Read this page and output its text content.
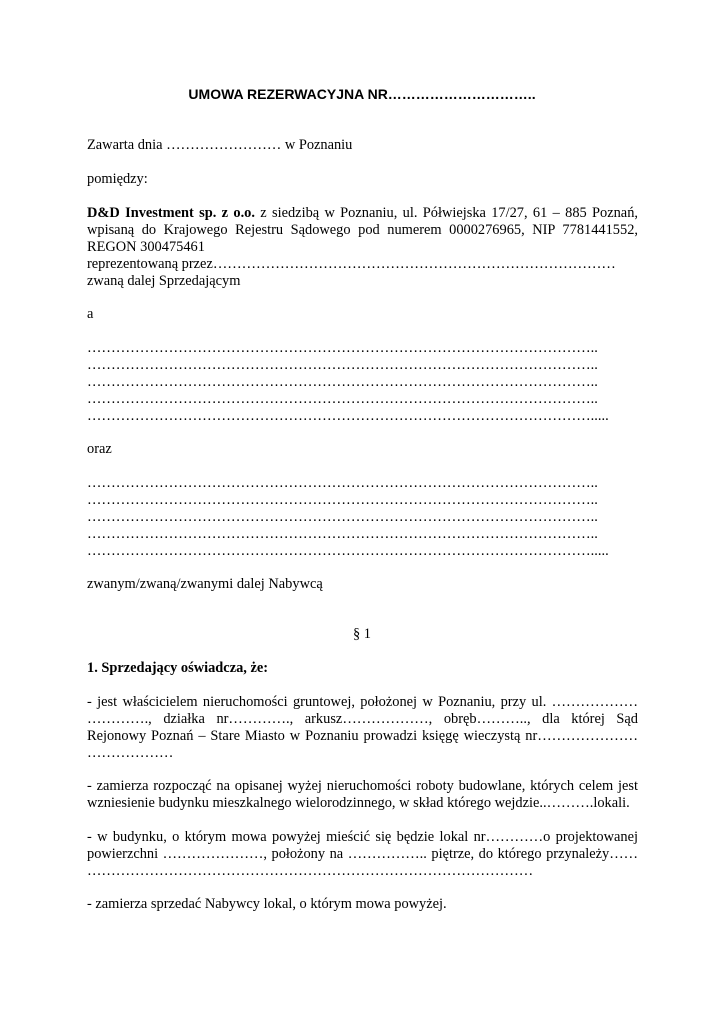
UMOWA REZERWACYJNA NR…………………………..
Zawarta dnia …………………… w Poznaniu
pomiędzy:
D&D Investment sp. z o.o. z siedzibą w Poznaniu, ul. Półwiejska 17/27, 61 – 885 Poznań,
wpisaną do Krajowego Rejestru Sądowego pod numerem 0000276965, NIP 7781441552,
REGON 300475461
reprezentowaną przez…………………………………………………………………………
zwaną dalej Sprzedającym
a
……………………………………………………………………………………………..
……………………………………………………………………………………………..
……………………………………………………………………………………………..
……………………………………………………………………………………………..
…………………………………………………………………………………………….....
oraz
……………………………………………………………………………………………..
……………………………………………………………………………………………..
……………………………………………………………………………………………..
……………………………………………………………………………………………..
…………………………………………………………………………………………….....
zwanym/zwaną/zwanymi dalej Nabywcą
§ 1
1. Sprzedający oświadcza, że:
- jest właścicielem nieruchomości gruntowej, położonej w Poznaniu, przy ul. ………………
…………., działka nr…………., arkusz………………, obręb……….., dla której Sąd
Rejonowy Poznań – Stare Miasto w Poznaniu prowadzi księgę wieczystą nr…………………
………………
- zamierza rozpocząć na opisanej wyżej nieruchomości roboty budowlane, których celem jest
wzniesienie budynku mieszkalnego wielorodzinnego, w skład którego wejdzie..……….lokali.
- w budynku, o którym mowa powyżej mieścić się będzie lokal nr…………o projektowanej
powierzchni …………………, położony na …………….. piętrze, do którego przynależy……
…………………………………………………………………………………
- zamierza sprzedać Nabywcy lokal, o którym mowa powyżej.
